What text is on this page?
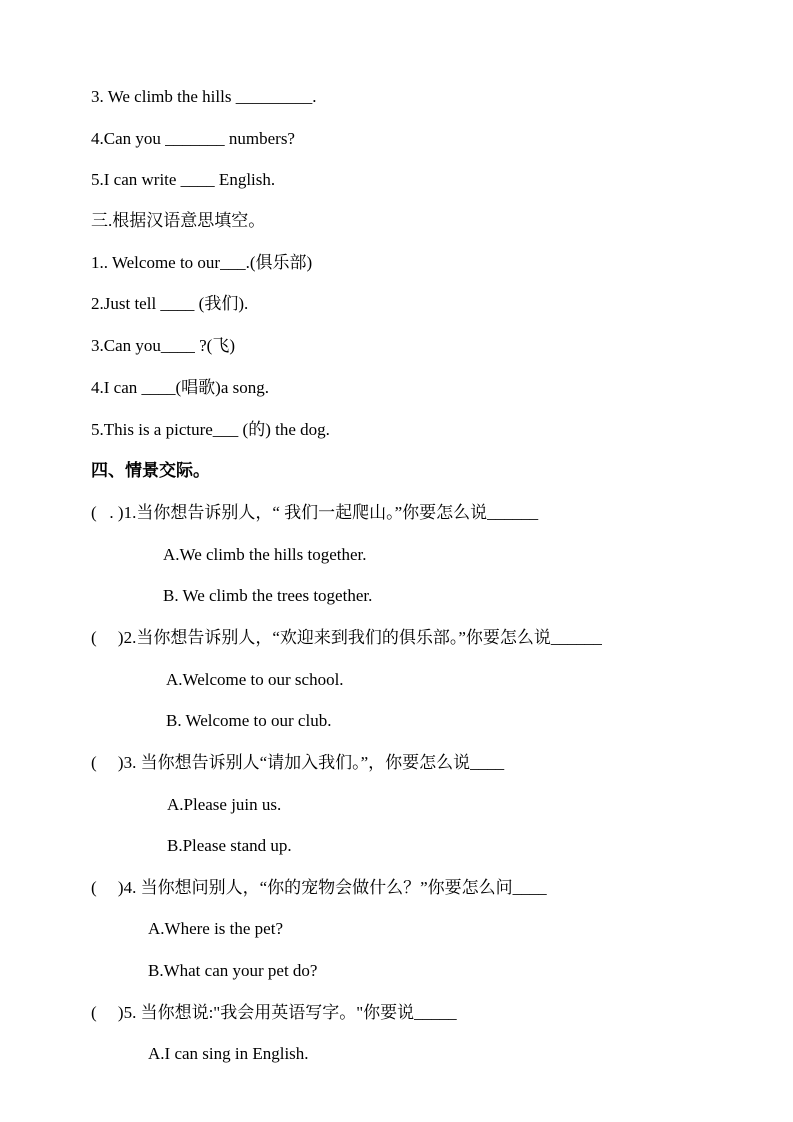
3. We climb the hills _________.
4.Can you _______ numbers?
5.I can write ____ English.
三.根据汉语意思填空。
1.. Welcome to our___.(俱乐部)
2.Just tell ____ (我们).
3.Can you____ ?(飞)
4.I can ____(唱歌)a song.
5.This is a picture___ (的) the dog.
四、情景交际。
(   . )1.当你想告诉别人，“ 我们一起爬山。”你要怎么说______
A.We climb the hills together.
B. We climb the trees together.
(     )2.当你想告诉别人，“欢迎来到我们的俱乐部。”你要怎么说______
A.Welcome to our school.
B. Welcome to our club.
(     )3. 当你想告诉别人“请加入我们。”，你要怎么说____
A.Please juin us.
B.Please stand up.
(     )4. 当你想问别人，“你的宠物会做什么？”你要怎么问____
A.Where is the pet?
B.What can your pet do?
(     )5. 当你想说:"我会用英语写字。"你要说_____
A.I can sing in English.
